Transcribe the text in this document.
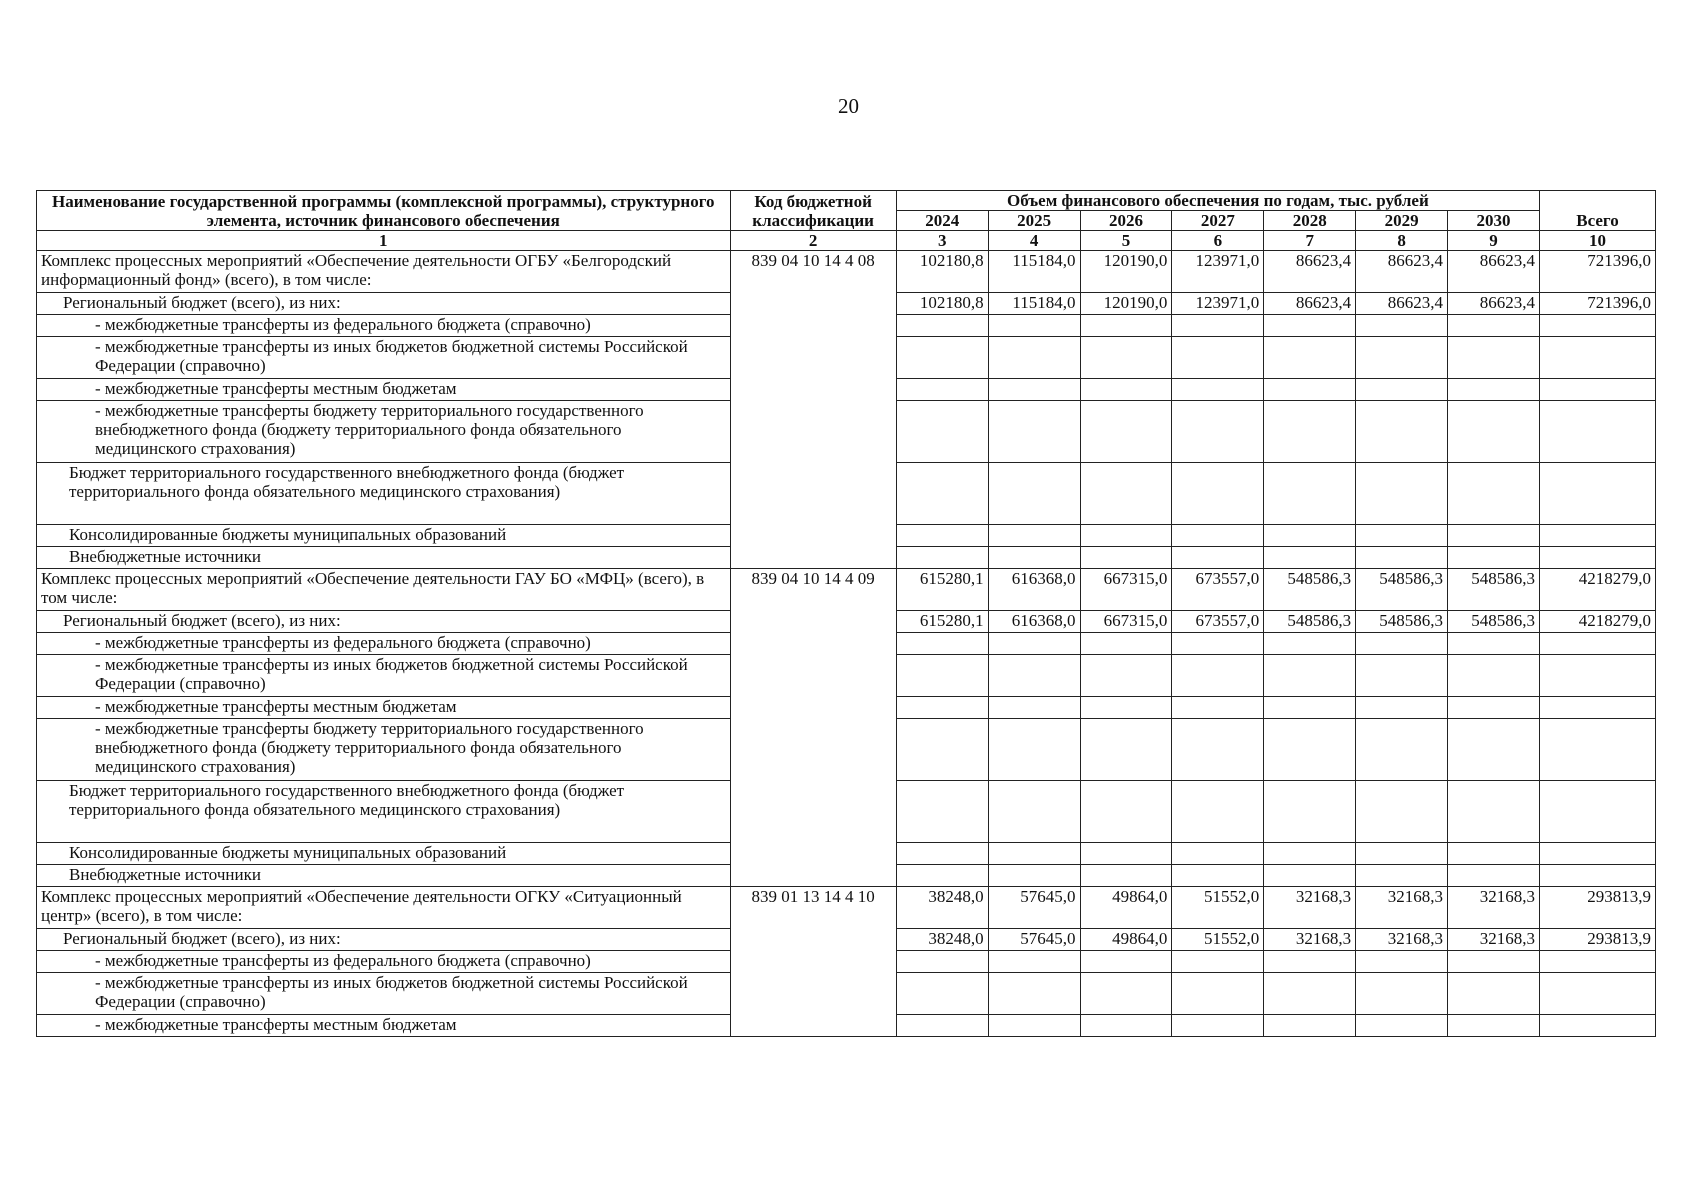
20
Наименование государственной программы (комплексной программы), структурного элемента, источник финансового обеспечения	Код бюджетной классификации	Объем финансового обеспечения по годам, тыс. рублей							Всего
		2024	2025	2026	2027	2028	2029	2030	
1	2	3	4	5	6	7	8	9	10
Комплекс процессных мероприятий «Обеспечение деятельности ОГБУ «Белгородский информационный фонд» (всего), в том числе:	839 04 10 14 4 08	102180,8	115184,0	120190,0	123971,0	86623,4	86623,4	86623,4	721396,0
Региональный бюджет (всего), из них:		102180,8	115184,0	120190,0	123971,0	86623,4	86623,4	86623,4	721396,0
- межбюджетные трансферты из федерального бюджета (справочно)									
- межбюджетные трансферты из иных бюджетов бюджетной системы Российской Федерации (справочно)									
- межбюджетные трансферты местным бюджетам									
- межбюджетные трансферты бюджету территориального государственного внебюджетного фонда (бюджету территориального фонда обязательного медицинского страхования)									
Бюджет территориального государственного внебюджетного фонда (бюджет территориального фонда обязательного медицинского страхования)									
Консолидированные бюджеты муниципальных образований									
Внебюджетные источники									
Комплекс процессных мероприятий «Обеспечение деятельности ГАУ БО «МФЦ» (всего), в том числе:	839 04 10 14 4 09	615280,1	616368,0	667315,0	673557,0	548586,3	548586,3	548586,3	4218279,0
Региональный бюджет (всего), из них:		615280,1	616368,0	667315,0	673557,0	548586,3	548586,3	548586,3	4218279,0
- межбюджетные трансферты из федерального бюджета (справочно)									
- межбюджетные трансферты из иных бюджетов бюджетной системы Российской Федерации (справочно)									
- межбюджетные трансферты местным бюджетам									
- межбюджетные трансферты бюджету территориального государственного внебюджетного фонда (бюджету территориального фонда обязательного медицинского страхования)									
Бюджет территориального государственного внебюджетного фонда (бюджет территориального фонда обязательного медицинского страхования)									
Консолидированные бюджеты муниципальных образований									
Внебюджетные источники									
Комплекс процессных мероприятий «Обеспечение деятельности ОГКУ «Ситуационный центр» (всего), в том числе:	839 01 13 14 4 10	38248,0	57645,0	49864,0	51552,0	32168,3	32168,3	32168,3	293813,9
Региональный бюджет (всего), из них:		38248,0	57645,0	49864,0	51552,0	32168,3	32168,3	32168,3	293813,9
- межбюджетные трансферты из федерального бюджета (справочно)									
- межбюджетные трансферты из иных бюджетов бюджетной системы Российской Федерации (справочно)									
- межбюджетные трансферты местным бюджетам									
